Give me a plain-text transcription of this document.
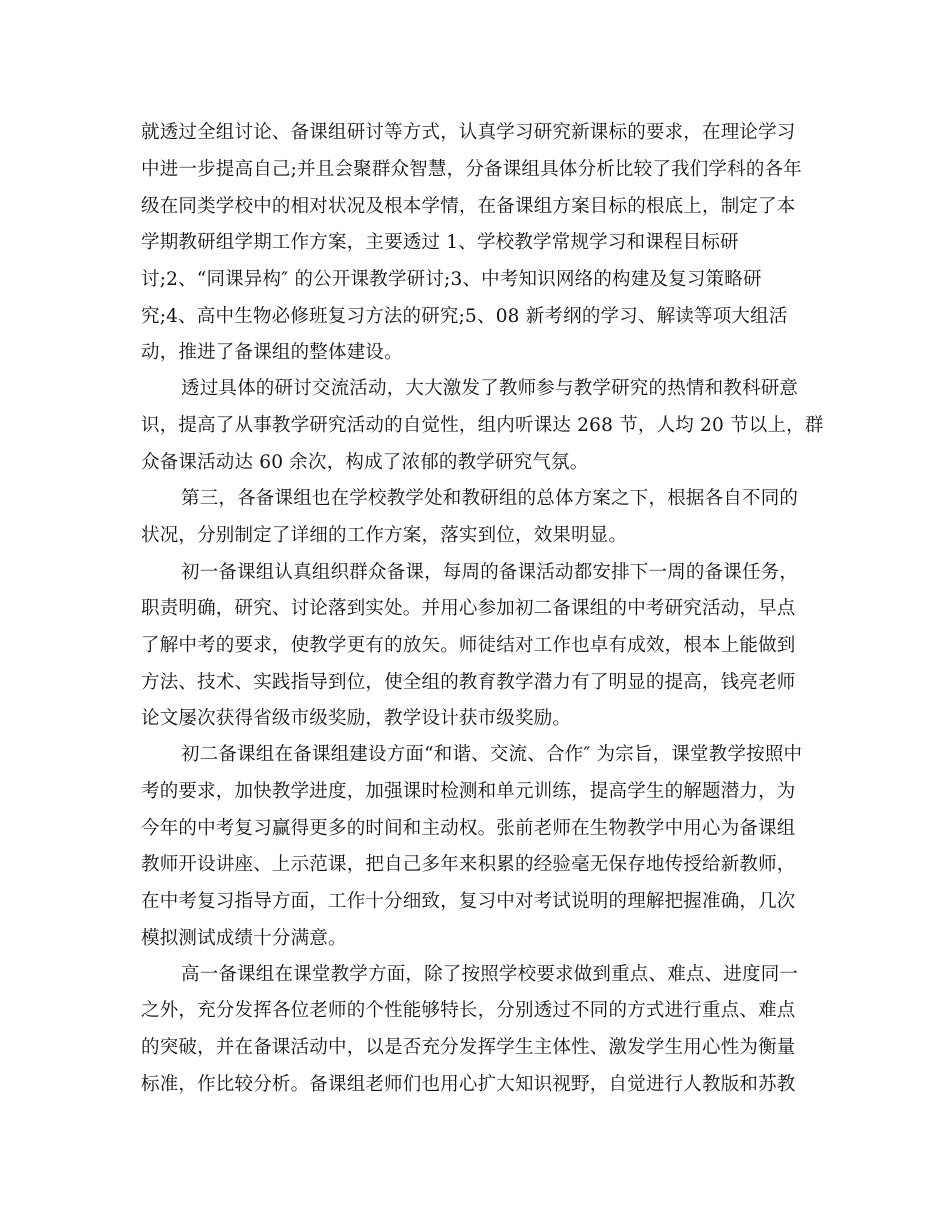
就透过全组讨论、备课组研讨等方式，认真学习研究新课标的要求，在理论学习
中进一步提高自己;并且会聚群众智慧，分备课组具体分析比较了我们学科的各年
级在同类学校中的相对状况及根本学情，在备课组方案目标的根底上，制定了本
学期教研组学期工作方案，主要透过 1、学校教学常规学习和课程目标研
讨;2、“同课异构″ 的公开课教学研讨;3、中考知识网络的构建及复习策略研
究;4、高中生物必修班复习方法的研究;5、08 新考纲的学习、解读等项大组活
动，推进了备课组的整体建设。
透过具体的研讨交流活动，大大激发了教师参与教学研究的热情和教科研意
识，提高了从事教学研究活动的自觉性，组内听课达 268 节，人均 20 节以上，群
众备课活动达 60 余次，构成了浓郁的教学研究气氛。
第三，各备课组也在学校教学处和教研组的总体方案之下，根据各自不同的
状况，分别制定了详细的工作方案，落实到位，效果明显。
初一备课组认真组织群众备课，每周的备课活动都安排下一周的备课任务，
职责明确，研究、讨论落到实处。并用心参加初二备课组的中考研究活动，早点
了解中考的要求，使教学更有的放矢。师徒结对工作也卓有成效，根本上能做到
方法、技术、实践指导到位，使全组的教育教学潜力有了明显的提高，钱亮老师
论文屡次获得省级市级奖励，教学设计获市级奖励。
初二备课组在备课组建设方面“和谐、交流、合作″ 为宗旨，课堂教学按照中
考的要求，加快教学进度，加强课时检测和单元训练，提高学生的解题潜力，为
今年的中考复习赢得更多的时间和主动权。张前老师在生物教学中用心为备课组
教师开设讲座、上示范课，把自己多年来积累的经验毫无保存地传授给新教师，
在中考复习指导方面，工作十分细致，复习中对考试说明的理解把握准确，几次
模拟测试成绩十分满意。
高一备课组在课堂教学方面，除了按照学校要求做到重点、难点、进度同一
之外，充分发挥各位老师的个性能够特长，分别透过不同的方式进行重点、难点
的突破，并在备课活动中，以是否充分发挥学生主体性、激发学生用心性为衡量
标准，作比较分析。备课组老师们也用心扩大知识视野，自觉进行人教版和苏教
